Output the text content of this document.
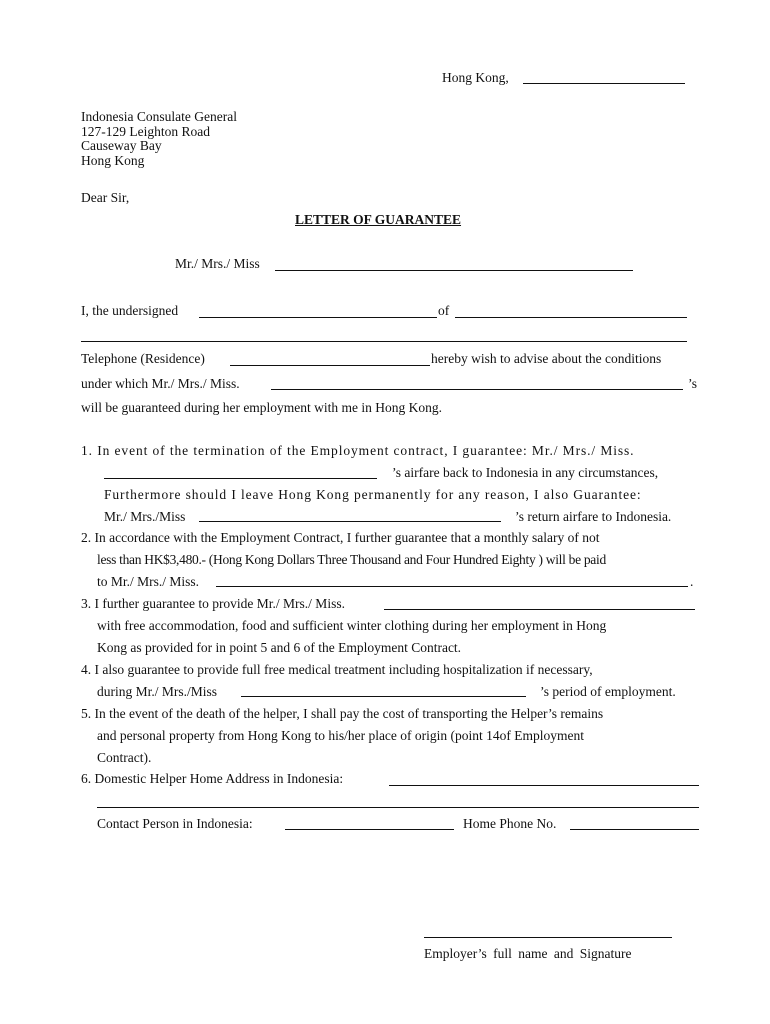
Hong Kong,
Indonesia Consulate General
127-129 Leighton Road
Causeway Bay
Hong Kong
Dear Sir,
LETTER OF GUARANTEE
Mr./ Mrs./ Miss
I, the undersigned	of
Telephone (Residence)	hereby wish to advise about the conditions
under which Mr./ Mrs./ Miss.	’s
will be guaranteed during her employment with me in Hong Kong.
1. In event of the termination of the Employment contract, I guarantee: Mr./ Mrs./ Miss.
’s airfare back to Indonesia in any circumstances,
Furthermore should I leave Hong Kong permanently for any reason, I also Guarantee:
Mr./ Mrs./Miss	’s return airfare to Indonesia.
2. In accordance with the Employment Contract, I further guarantee that a monthly salary of not
less than HK$3,480.- (Hong Kong Dollars Three Thousand and Four Hundred Eighty ) will be paid
to Mr./ Mrs./ Miss.	.
3. I further guarantee to provide Mr./ Mrs./ Miss.
with free accommodation, food and sufficient winter clothing during her employment in Hong
Kong as provided for in point 5 and 6 of the Employment Contract.
4. I also guarantee to provide full free medical treatment including hospitalization if necessary,
during Mr./ Mrs./Miss	’s period of employment.
5. In the event of the death of the helper, I shall pay the cost of transporting the Helper’s remains
and personal property from Hong Kong to his/her place of origin (point 14of Employment
Contract).
6. Domestic Helper Home Address in Indonesia:
Contact Person in Indonesia:	Home Phone No.
Employer’s full name and Signature
